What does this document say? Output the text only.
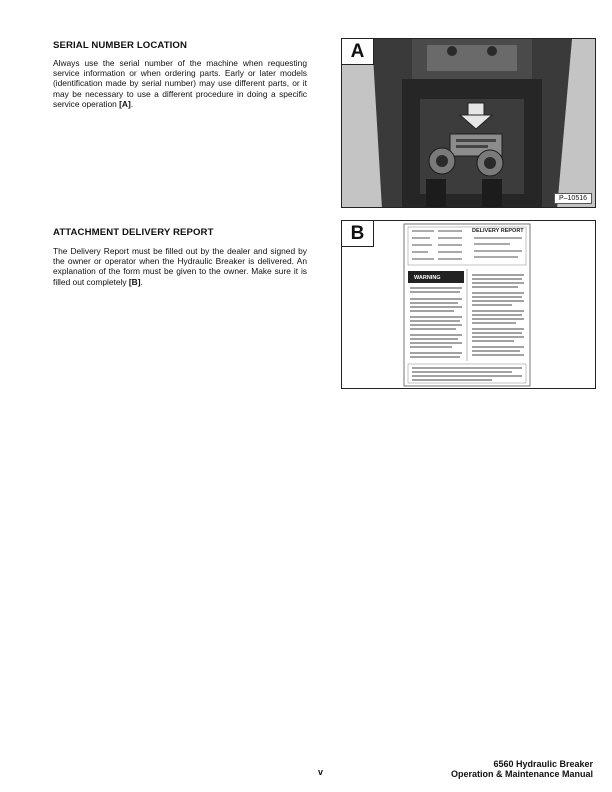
SERIAL NUMBER LOCATION

Always use the serial number of the machine when requesting service information or when ordering parts. Early or later models (identification made by serial number) may use different parts, or it may be necessary to use a different procedure in doing a specific service operation [A].

ATTACHMENT DELIVERY REPORT

The Delivery Report must be filled out by the dealer and signed by the owner or operator when the Hydraulic Breaker is delivered. An explanation of the form must be given to the owner. Make sure it is filled out completely [B].

A
P–10516
B	DELIVERY REPORT
WARNING
v
6560 Hydraulic Breaker
Operation & Maintenance Manual
